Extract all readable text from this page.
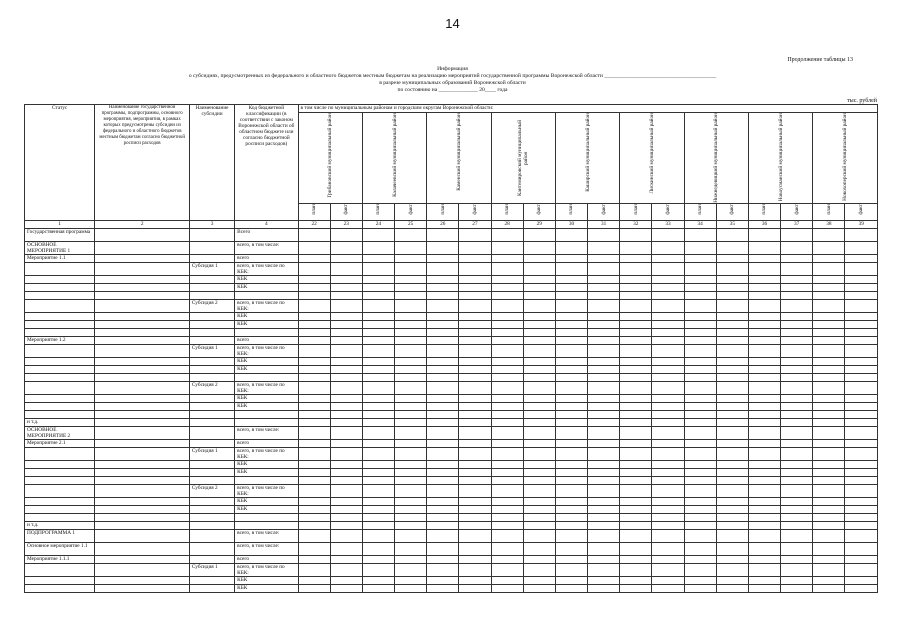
14
Продолжение таблицы 13
Информация
о субсидиях, предусмотренных из федерального и областного бюджетов местным бюджетам на реализацию мероприятий государственной программы Воронежской области ________________________________________
в разрезе муниципальных образований Воронежской области
по состоянию на ______________ 20____ года
тыс. рублей
Статус	Наименование государственной программы, подпрограммы, основного мероприятия, мероприятия, в рамках которых предусмотрены субсидии из федерального и областного бюджетов местным бюджетам согласно бюджетной росписи расходов	Наименование субсидии	Код бюджетной классификации (в соответствии с законом Воронежской области об областном бюджете или согласно бюджетной росписи расходов)	в том числе по муниципальным районам и городским округам Воронежской области:																	

				Грибановский муниципальный район		Калачеевский муниципальный район		Каменский муниципальный район		Кантемировский муниципальный район		Каширский муниципальный район		Лискинский муниципальный район		Нижнедевицкий муниципальный район		Новоусманский муниципальный район		Новохоперский муниципальный район	

				план	факт	план	факт	план	факт	план	факт	план	факт	план	факт	план	факт	план	факт	план	факт

1	2	3	4	22	23	24	25	26	27	28	29	30	31	32	33	34	35	36	37	38	39
Государственная программа			Всего																		
ОСНОВНОЕ МЕРОПРИЯТИЕ 1			всего, в том числе:																		
Мероприятие 1.1			всего																		
		Субсидия 1	всего, в том числе по КБК:																		
			КБК																		
			КБК																		

		Субсидия 2	всего, в том числе по КБК:																		
			КБК																		
			КБК																		

Мероприятие 1.2			всего																		
		Субсидия 1	всего, в том числе по КБК:																		
			КБК																		
			КБК																		

		Субсидия 2	всего, в том числе по КБК:																		
			КБК																		
			КБК																		

и т.д.																					
ОСНОВНОЕ МЕРОПРИЯТИЕ 2			всего, в том числе:																		
Мероприятие 2.1			всего																		
		Субсидия 1	всего, в том числе по КБК:																		
			КБК																		
			КБК																		

		Субсидия 2	всего, в том числе по КБК:																		
			КБК																		
			КБК																		

и т.д.																					
ПОДПРОГРАММА 1			всего, в том числе:																		
Основное мероприятие 1.1			всего, в том числе:																		
Мероприятие 1.1.1			всего																		
		Субсидия 1	всего, в том числе по КБК:																		
			КБК																		
			КБК																		
